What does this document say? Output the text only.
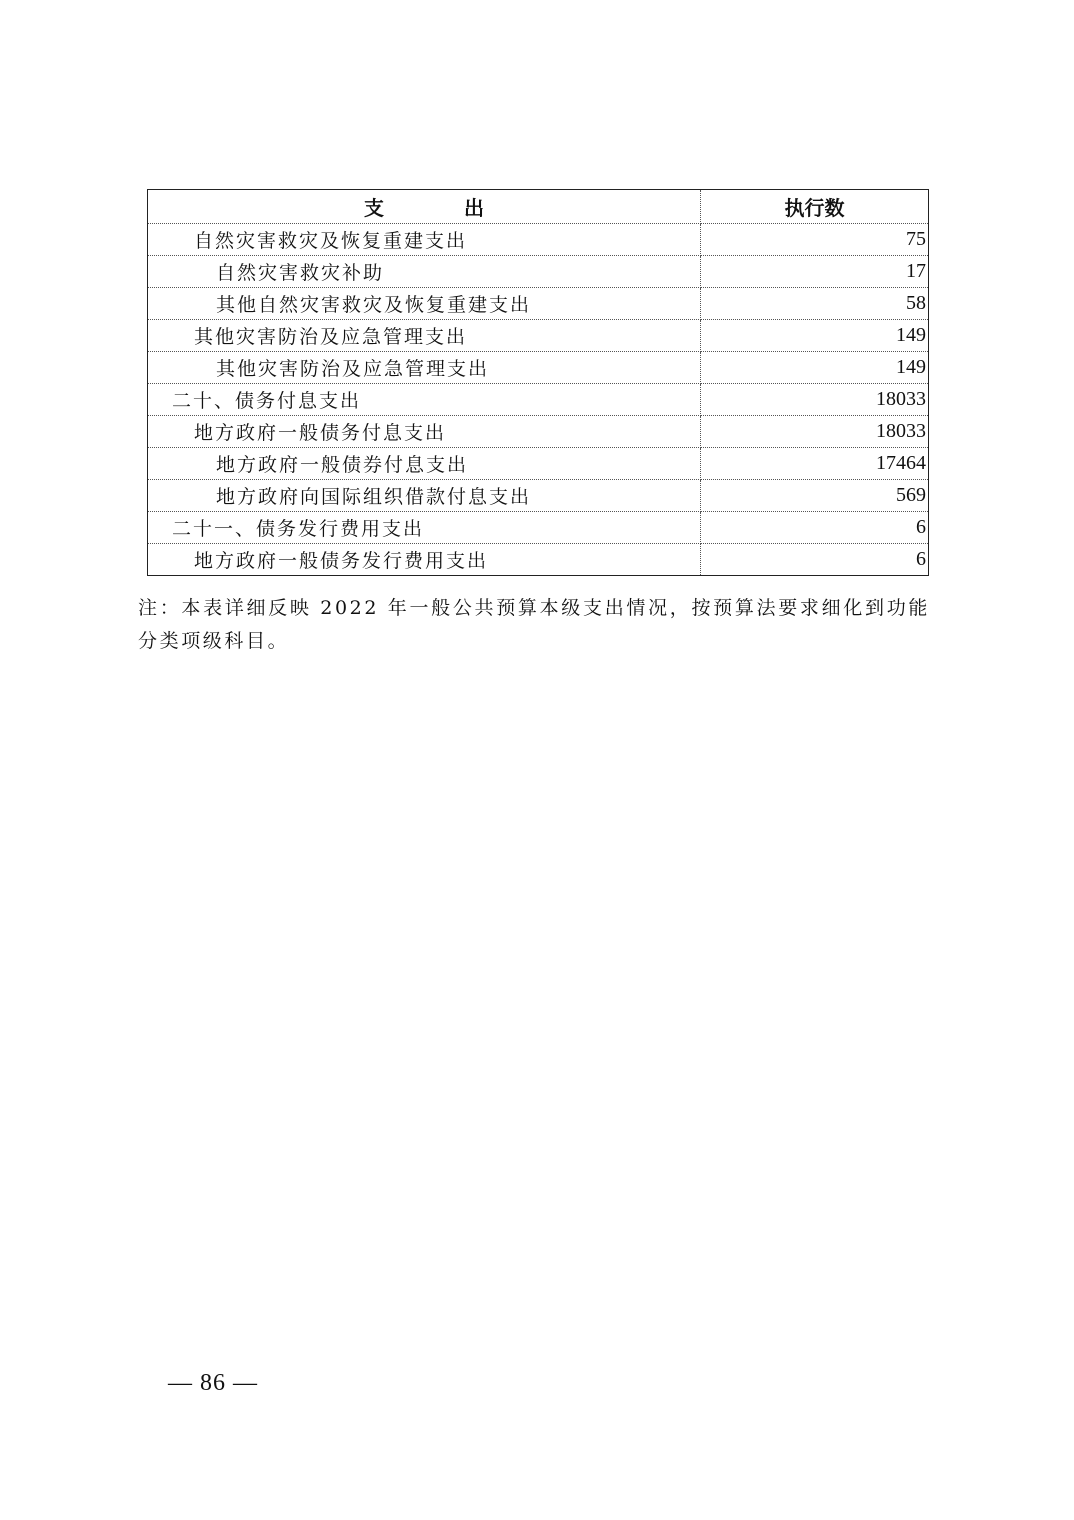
支　　　　出	执行数
自然灾害救灾及恢复重建支出	75
自然灾害救灾补助	17
其他自然灾害救灾及恢复重建支出	58
其他灾害防治及应急管理支出	149
其他灾害防治及应急管理支出	149
二十、债务付息支出	18033
地方政府一般债务付息支出	18033
地方政府一般债券付息支出	17464
地方政府向国际组织借款付息支出	569
二十一、债务发行费用支出	6
地方政府一般债务发行费用支出	6
注：本表详细反映 2022 年一般公共预算本级支出情况，按预算法要求细化到功能分类项级科目。
— 86 —
